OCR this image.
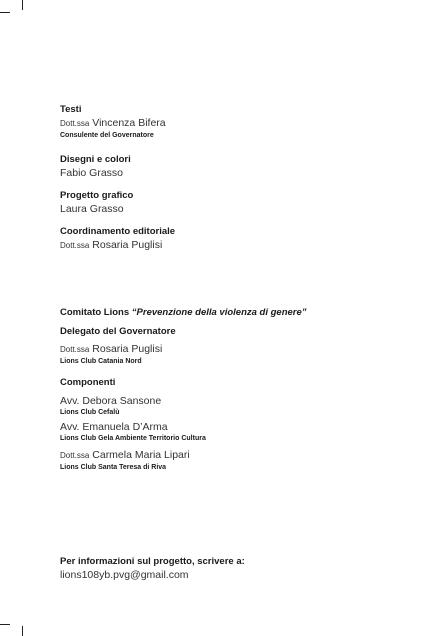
Testi
Dott.ssa Vincenza Bifera
Consulente del Governatore
Disegni e colori
Fabio Grasso
Progetto grafico
Laura Grasso
Coordinamento editoriale
Dott.ssa Rosaria Puglisi
Comitato Lions “Prevenzione della violenza di genere”
Delegato del Governatore
Dott.ssa Rosaria Puglisi
Lions Club Catania Nord
Componenti
Avv. Debora Sansone
Lions Club Cefalù
Avv. Emanuela D’Arma
Lions Club Gela Ambiente Territorio Cultura
Dott.ssa Carmela Maria Lipari
Lions Club Santa Teresa di Riva
Per informazioni sul progetto, scrivere a:
lions108yb.pvg@gmail.com
